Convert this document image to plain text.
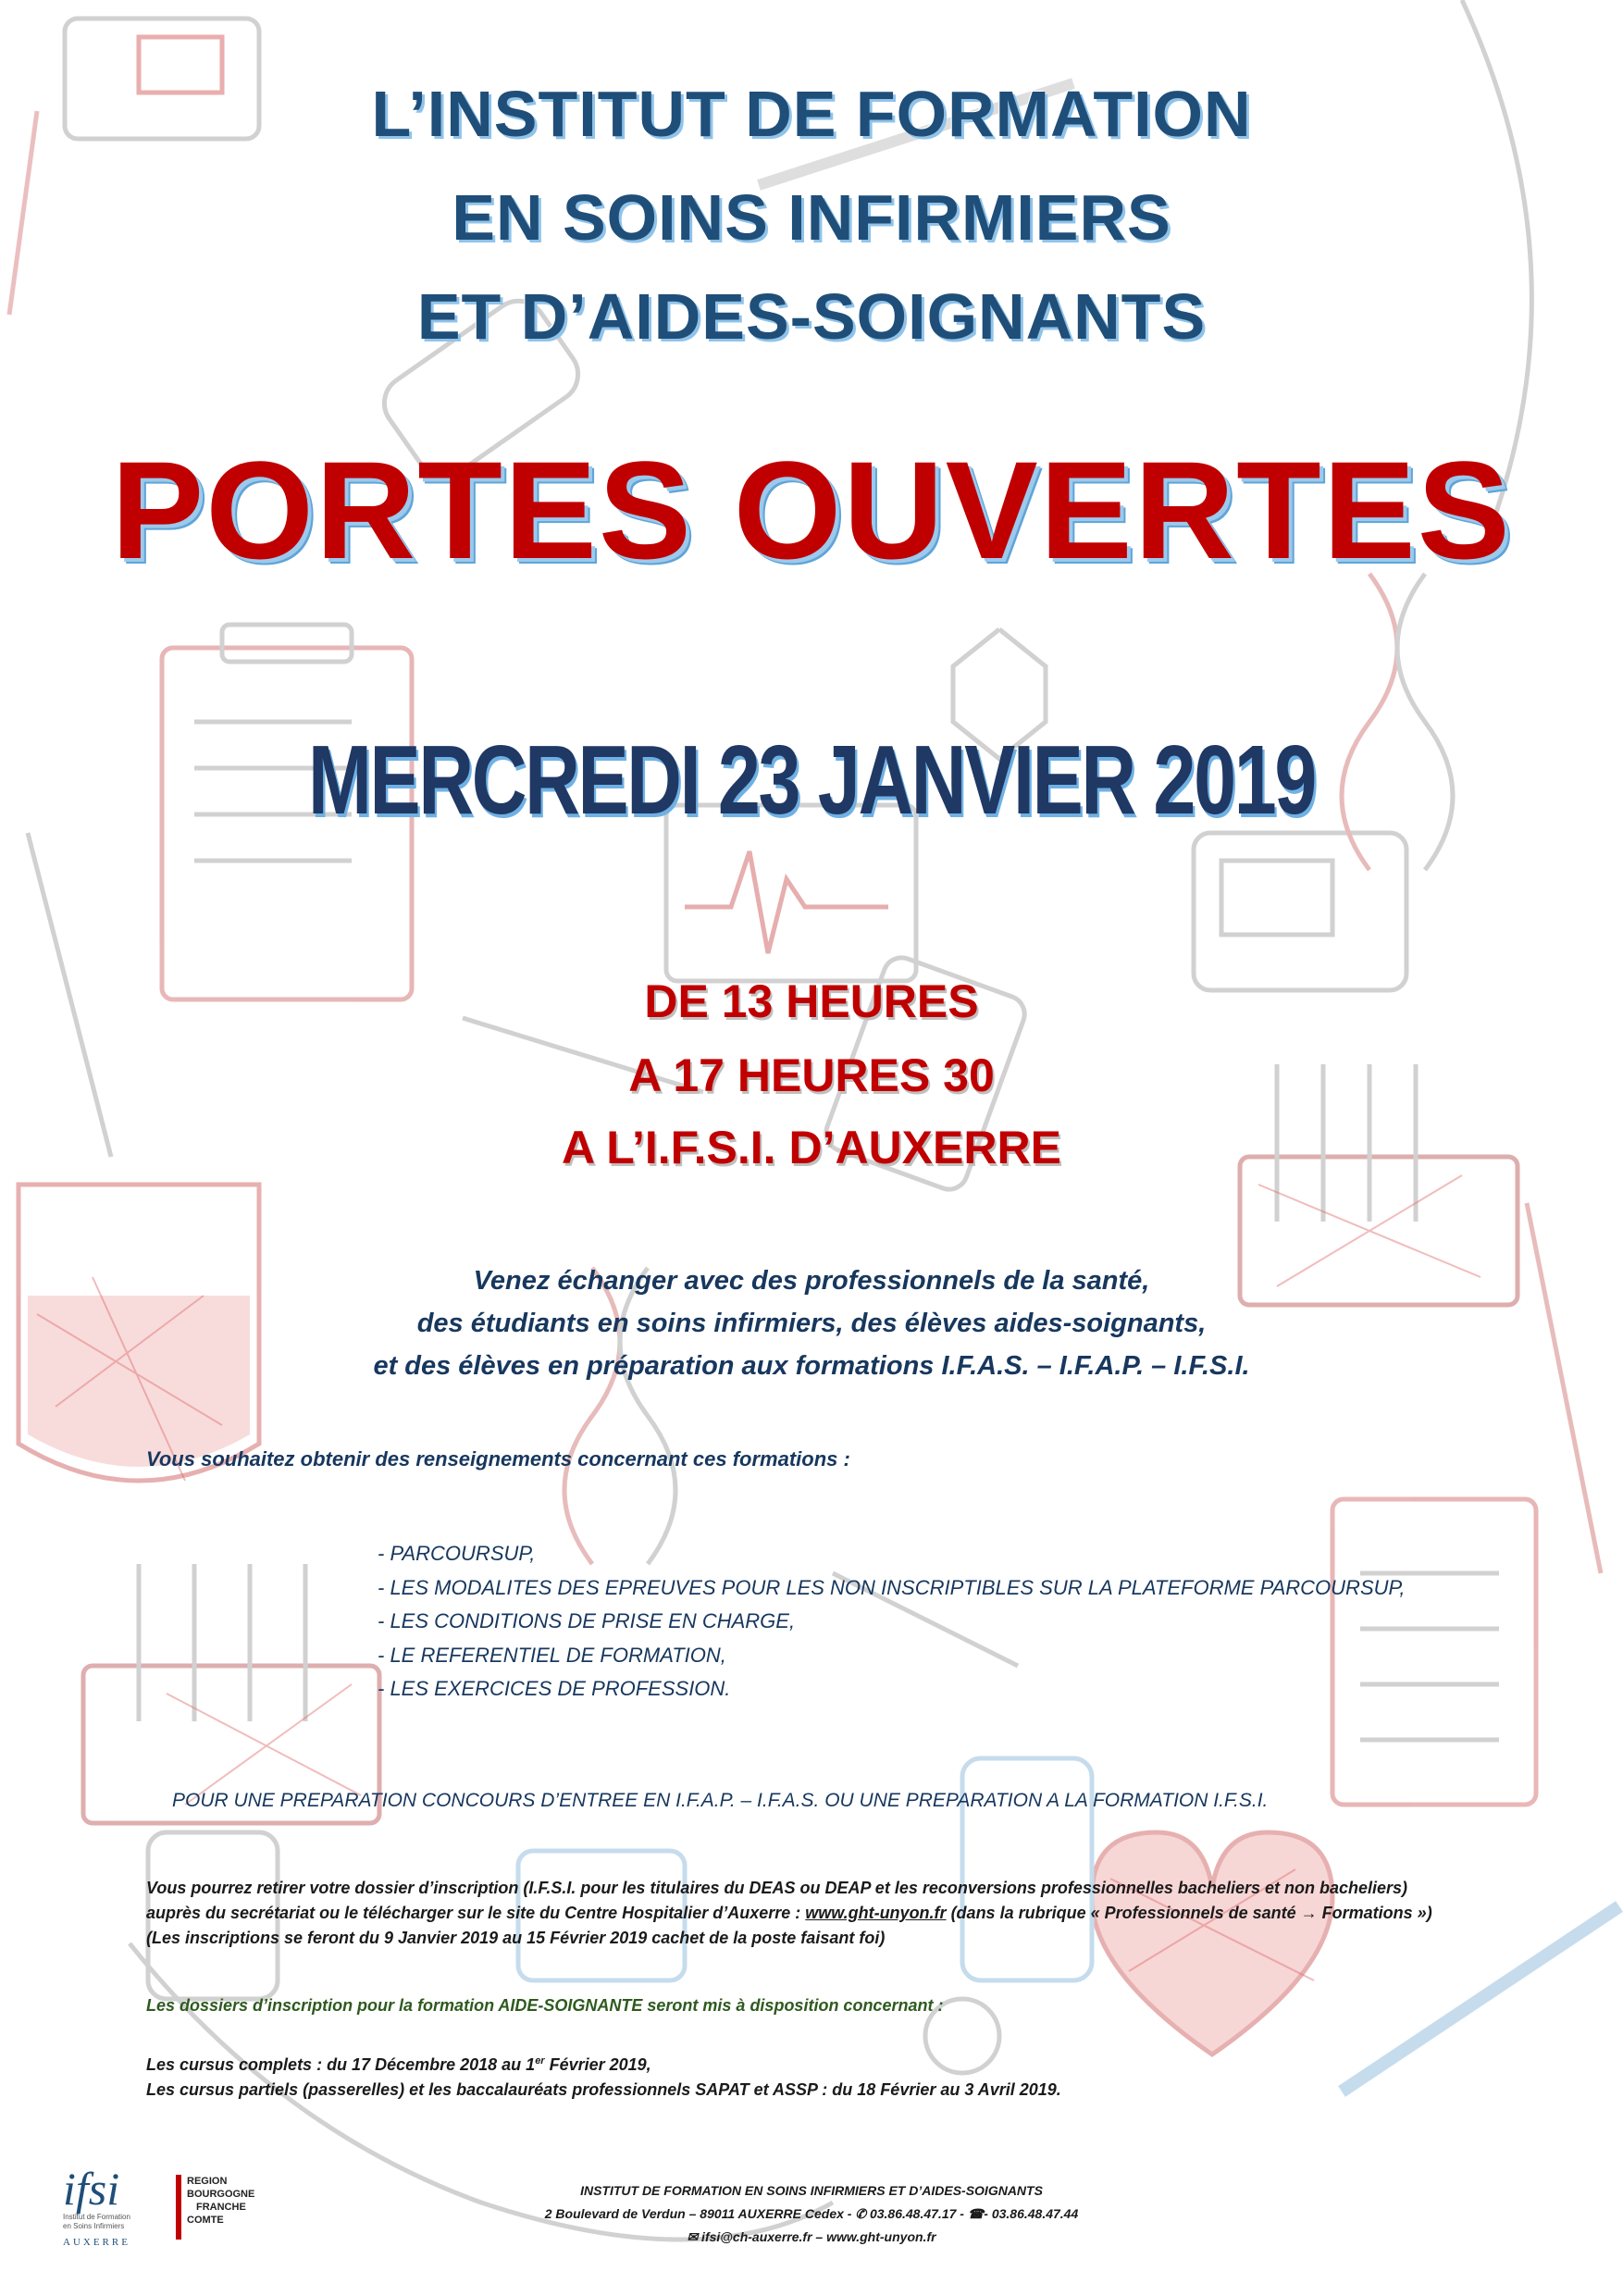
L’INSTITUT DE FORMATION
EN SOINS INFIRMIERS
ET D’AIDES-SOIGNANTS
PORTES OUVERTES
MERCREDI 23 JANVIER 2019
DE 13 HEURES
A 17 HEURES 30
A L’I.F.S.I. D’AUXERRE
Venez échanger avec des professionnels de la santé,
des étudiants en soins infirmiers, des élèves aides-soignants,
et des élèves en préparation aux formations I.F.A.S. – I.F.A.P. – I.F.S.I.
Vous souhaitez obtenir des renseignements concernant ces formations :
- PARCOURSUP,
- LES MODALITES DES EPREUVES POUR LES NON INSCRIPTIBLES SUR LA PLATEFORME PARCOURSUP,
- LES CONDITIONS DE PRISE EN CHARGE,
- LE REFERENTIEL DE FORMATION,
- LES EXERCICES DE PROFESSION.
POUR UNE PREPARATION CONCOURS D’ENTREE EN I.F.A.P. – I.F.A.S. OU UNE PREPARATION A LA FORMATION I.F.S.I.
Vous pourrez retirer votre dossier d’inscription (I.F.S.I. pour les titulaires du DEAS ou DEAP et les reconversions professionnelles bacheliers et non bacheliers)
auprès du secrétariat ou le télécharger sur le site du Centre Hospitalier d’Auxerre : www.ght-unyon.fr (dans la rubrique « Professionnels de santé → Formations »)
(Les inscriptions se feront du 9 Janvier 2019 au 15 Février 2019 cachet de la poste faisant foi)
Les dossiers d’inscription pour la formation AIDE-SOIGNANTE seront mis à disposition concernant :
Les cursus complets : du 17 Décembre 2018 au 1er Février 2019,
Les cursus partiels (passerelles) et les baccalauréats professionnels SAPAT et ASSP : du 18 Février au 3 Avril 2019.
INSTITUT DE FORMATION EN SOINS INFIRMIERS ET D’AIDES-SOIGNANTS
2 Boulevard de Verdun – 89011 AUXERRE Cedex - ✆ 03.86.48.47.17 - ☎- 03.86.48.47.44
✉ ifsi@ch-auxerre.fr – www.ght-unyon.fr
ifsi
Institut de Formation
en Soins Infirmiers
AUXERRE
REGION
BOURGOGNE
FRANCHE
COMTE
